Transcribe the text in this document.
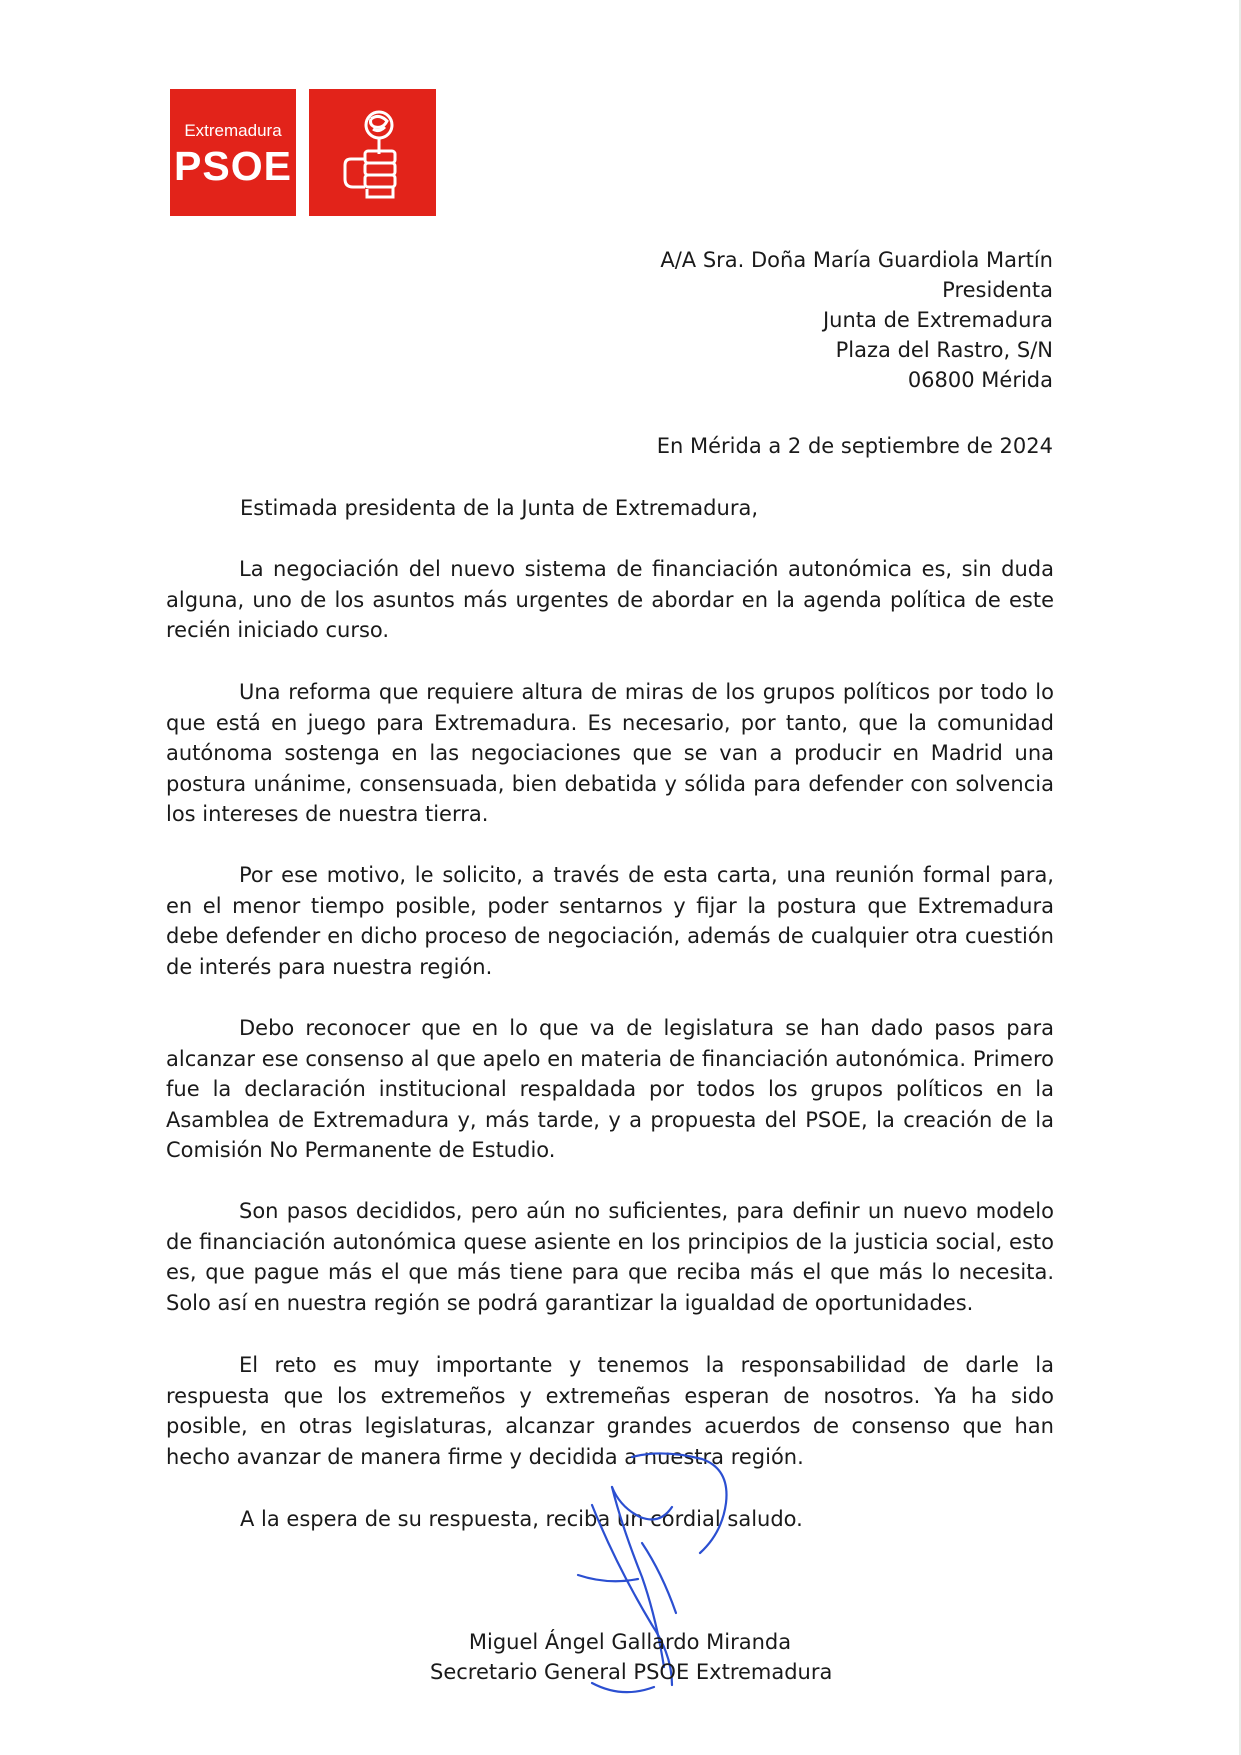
Extremadura
PSOE
A/A Sra. Doña María Guardiola Martín
Presidenta
Junta de Extremadura
Plaza del Rastro, S/N
06800 Mérida
En Mérida a 2 de septiembre de 2024
Estimada presidenta de la Junta de Extremadura,
La negociación del nuevo sistema de financiación autonómica es, sin duda alguna, uno de los asuntos más urgentes de abordar en la agenda política de este recién iniciado curso.
Una reforma que requiere altura de miras de los grupos políticos por todo lo que está en juego para Extremadura. Es necesario, por tanto, que la comunidad autónoma sostenga en las negociaciones que se van a producir en Madrid una postura unánime, consensuada, bien debatida y sólida para defender con solvencia los intereses de nuestra tierra.
Por ese motivo, le solicito, a través de esta carta, una reunión formal para, en el menor tiempo posible, poder sentarnos y fijar la postura que Extremadura debe defender en dicho proceso de negociación, además de cualquier otra cuestión de interés para nuestra región.
Debo reconocer que en lo que va de legislatura se han dado pasos para alcanzar ese consenso al que apelo en materia de financiación autonómica. Primero fue la declaración institucional respaldada por todos los grupos políticos en la Asamblea de Extremadura y, más tarde, y a propuesta del PSOE, la creación de la Comisión No Permanente de Estudio.
Son pasos decididos, pero aún no suficientes, para definir un nuevo modelo de financiación autonómica quese asiente en los principios de la justicia social, esto es, que pague más el que más tiene para que reciba más el que más lo necesita. Solo así en nuestra región se podrá garantizar la igualdad de oportunidades.
El reto es muy importante y tenemos la responsabilidad de darle la respuesta que los extremeños y extremeñas esperan de nosotros. Ya ha sido posible, en otras legislaturas, alcanzar grandes acuerdos de consenso que han hecho avanzar de manera firme y decidida a nuestra región.
A la espera de su respuesta, reciba un cordial saludo.
Miguel Ángel Gallardo Miranda
Secretario General PSOE Extremadura
